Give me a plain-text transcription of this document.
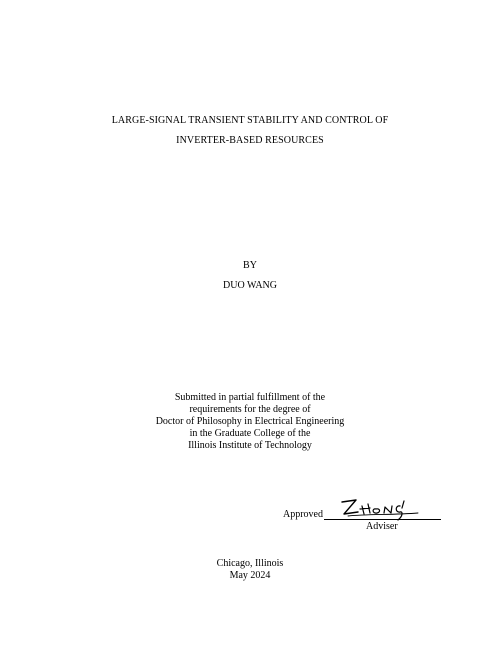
LARGE-SIGNAL TRANSIENT STABILITY AND CONTROL OF
INVERTER-BASED RESOURCES
BY
DUO WANG
Submitted in partial fulfillment of the
requirements for the degree of
Doctor of Philosophy in Electrical Engineering
in the Graduate College of the
Illinois Institute of Technology
Approved
Adviser
Chicago, Illinois
May 2024
